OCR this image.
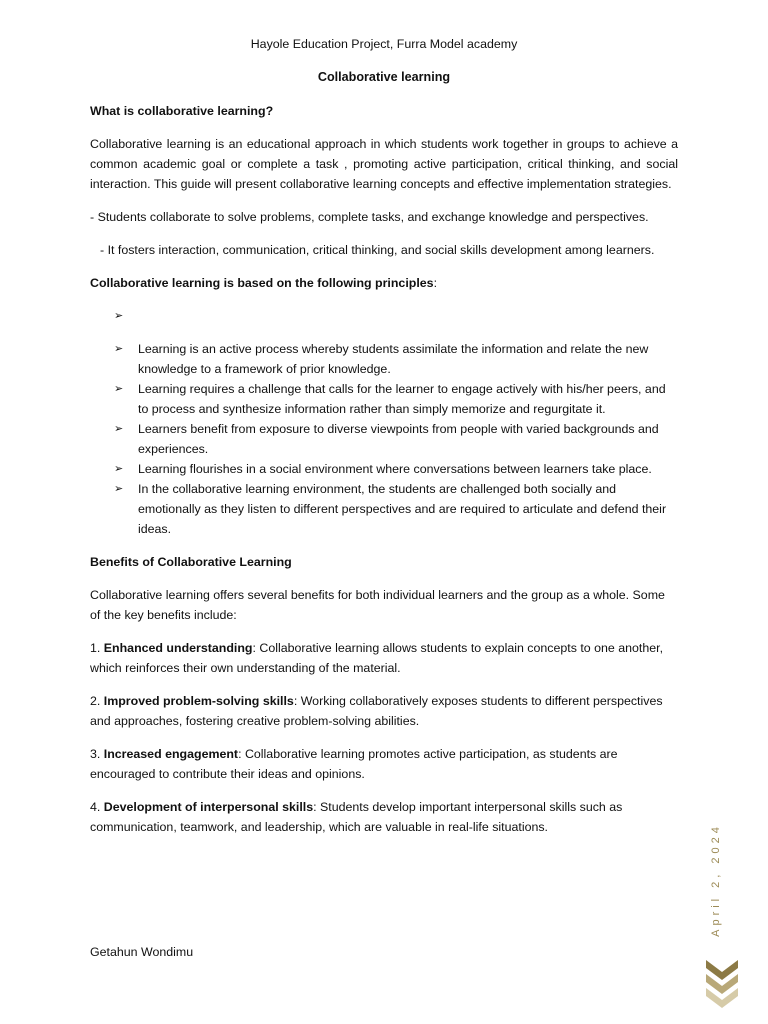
Hayole Education Project, Furra Model academy
Collaborative learning

What is collaborative learning?

Collaborative learning is an educational approach in which students work together in groups to achieve a common academic goal or complete a task , promoting active participation, critical thinking, and social interaction. This guide will present collaborative learning concepts and effective implementation strategies.

- Students collaborate to solve problems, complete tasks, and exchange knowledge and perspectives.

- It fosters interaction, communication, critical thinking, and social skills development among learners.

Collaborative learning is based on the following principles:

➢
➢	Learning is an active process whereby students assimilate the information and relate the new knowledge to a framework of prior knowledge.
➢	Learning requires a challenge that calls for the learner to engage actively with his/her peers, and to process and synthesize information rather than simply memorize and regurgitate it.
➢	Learners benefit from exposure to diverse viewpoints from people with varied backgrounds and experiences.
➢	Learning flourishes in a social environment where conversations between learners take place.
➢	In the collaborative learning environment, the students are challenged both socially and emotionally as they listen to different perspectives and are required to articulate and defend their ideas.

Benefits of Collaborative Learning

Collaborative learning offers several benefits for both individual learners and the group as a whole. Some of the key benefits include:

1. Enhanced understanding: Collaborative learning allows students to explain concepts to one another, which reinforces their own understanding of the material.

2. Improved problem-solving skills: Working collaboratively exposes students to different perspectives and approaches, fostering creative problem-solving abilities.

3. Increased engagement: Collaborative learning promotes active participation, as students are encouraged to contribute their ideas and opinions.

4. Development of interpersonal skills: Students develop important interpersonal skills such as communication, teamwork, and leadership, which are valuable in real-life situations.

Getahun Wondimu
April 2, 2024
